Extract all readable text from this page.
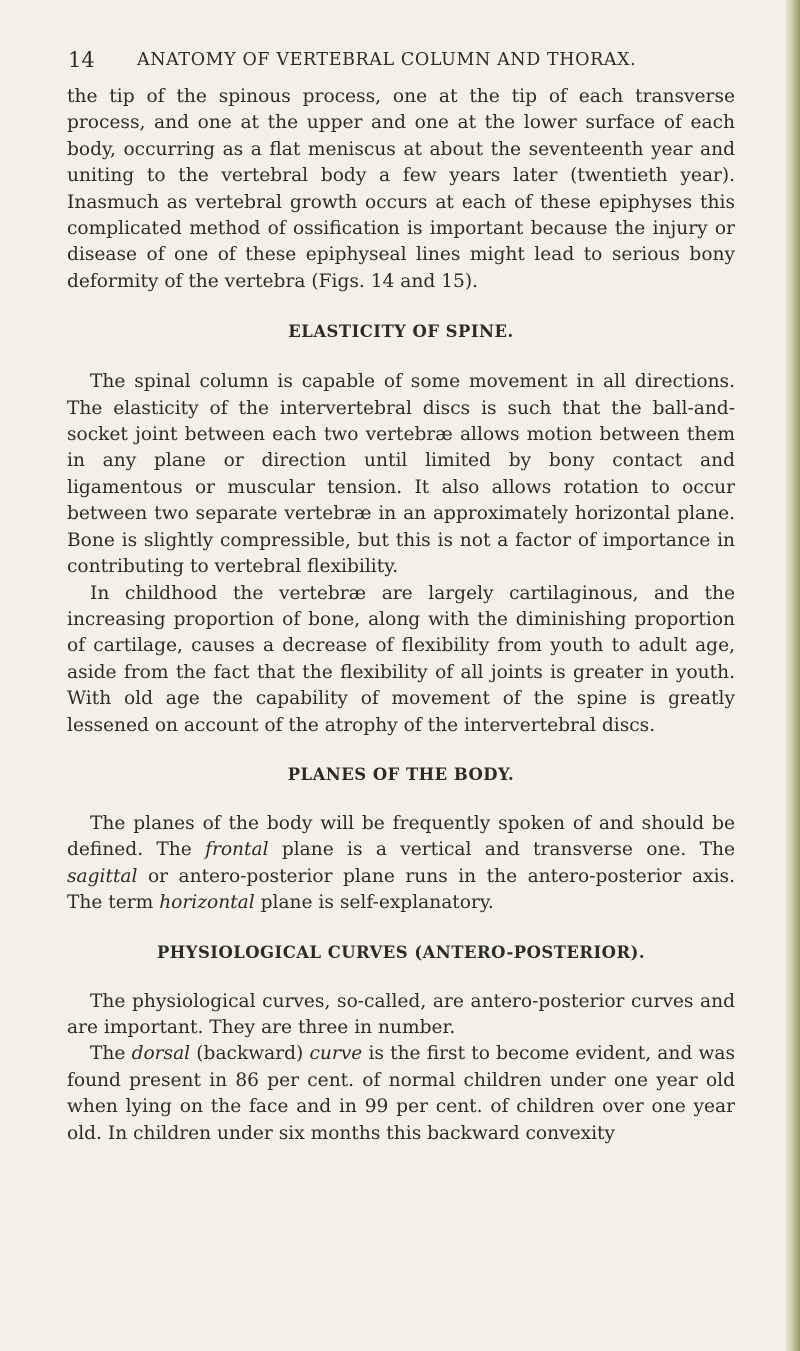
14 ANATOMY OF VERTEBRAL COLUMN AND THORAX.

the tip of the spinous process, one at the tip of each transverse process, and one at the upper and one at the lower surface of each body, occurring as a flat meniscus at about the seventeenth year and uniting to the vertebral body a few years later (twentieth year). Inasmuch as vertebral growth occurs at each of these epiphyses this complicated method of ossification is important because the injury or disease of one of these epiphyseal lines might lead to serious bony deformity of the vertebra (Figs. 14 and 15).

ELASTICITY OF SPINE.

The spinal column is capable of some movement in all directions. The elasticity of the intervertebral discs is such that the ball-and-socket joint between each two vertebræ allows motion between them in any plane or direction until limited by bony contact and ligamentous or muscular tension. It also allows rotation to occur between two separate vertebræ in an approximately horizontal plane. Bone is slightly compressible, but this is not a factor of importance in contributing to vertebral flexibility.

In childhood the vertebræ are largely cartilaginous, and the increasing proportion of bone, along with the diminishing proportion of cartilage, causes a decrease of flexibility from youth to adult age, aside from the fact that the flexibility of all joints is greater in youth. With old age the capability of movement of the spine is greatly lessened on account of the atrophy of the intervertebral discs.

PLANES OF THE BODY.

The planes of the body will be frequently spoken of and should be defined. The frontal plane is a vertical and transverse one. The sagittal or antero-posterior plane runs in the antero-posterior axis. The term horizontal plane is self-explanatory.

PHYSIOLOGICAL CURVES (ANTERO-POSTERIOR).

The physiological curves, so-called, are antero-posterior curves and are important. They are three in number.

The dorsal (backward) curve is the first to become evident, and was found present in 86 per cent. of normal children under one year old when lying on the face and in 99 per cent. of children over one year old. In children under six months this backward convexity
